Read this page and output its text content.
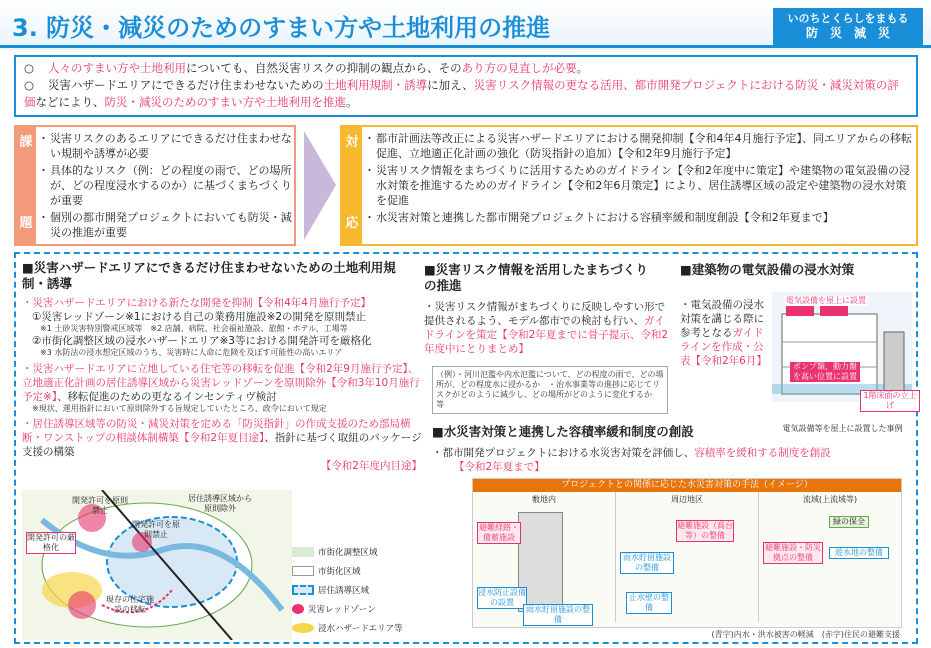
3. 防災・減災のためのすまい方や土地利用の推進	いのちとくらしをまもる
防　災　減　災
○ 人々のすまい方や土地利用についても、自然災害リスクの抑制の観点から、そのあり方の見直しが必要。
○ 災害ハザードエリアにできるだけ住まわせないための土地利用規制・誘導に加え、災害リスク情報の更なる活用、都市開発プロジェクトにおける防災・減災対策の評価などにより、防災・減災のためのすまい方や土地利用を推進。
課
題
・ 災害リスクのあるエリアにできるだけ住まわせない規制や誘導が必要
・ 具体的なリスク（例：どの程度の雨で、どの場所が、どの程度浸水するのか）に基づくまちづくりが重要
・ 個別の都市開発プロジェクトにおいても防災・減災の推進が重要
対
応
・ 都市計画法等改正による災害ハザードエリアにおける開発抑制【令和4年4月施行予定】、同エリアからの移転促進、立地適正化計画の強化（防災指針の追加）【令和2年9月施行予定】
・ 災害リスク情報をまちづくりに活用するためのガイドライン【令和2年度中に策定】や建築物の電気設備の浸水対策を推進するためのガイドライン【令和2年6月策定】により、居住誘導区域の設定や建築物の浸水対策を促進
・ 水災害対策と連携した都市開発プロジェクトにおける容積率緩和制度創設【令和2年夏まで】
■災害ハザードエリアにできるだけ住まわせないための土地利用規制・誘導
・災害ハザードエリアにおける新たな開発を抑制【令和4年4月施行予定】
①災害レッドゾーン※1における自己の業務用施設※2の開発を原則禁止
※1 土砂災害特別警戒区域等　※2 店舗、病院、社会福祉施設、旅館・ホテル、工場等
②市街化調整区域の浸水ハザードエリア※3等における開発許可を厳格化
※3 水防法の浸水想定区域のうち、災害時に人命に危険を及ぼす可能性の高いエリア
・災害ハザードエリアに立地している住宅等の移転を促進【令和2年9月施行予定】、立地適正化計画の居住誘導区域から災害レッドゾーンを原則除外【令和3年10月施行予定※】、移転促進のための更なるインセンティヴ検討
※現状、運用指針において原則除外する旨規定していたところ、政令において規定
・居住誘導区域等の防災・減災対策を定める「防災指針」の作成支援のため部局横断・ワンストップの相談体制構築【令和2年夏目途】、指針に基づく取組のパッケージ支援の構築
【令和2年度内目途】
開発許可を原則禁止
居住誘導区域から原則除外
開発許可の厳格化
現存の住宅施設の移転
開発許可を原則禁止
市街化調整区域
市街化区域
居住誘導区域
災害レッドゾーン
浸水ハザードエリア等
■災害リスク情報を活用したまちづくりの推進
・災害リスク情報がまちづくりに反映しやすい形で提供されるよう、モデル都市での検討も行い、ガイドラインを策定【令和2年夏までに骨子提示、令和2年度中にとりまとめ】
（例）・河川氾濫や内水氾濫について、どの程度の雨で、どの場所が、どの程度水に浸かるか　・治水事業等の進捗に応じてリスクがどのように減少し、どの場所がどのように変化するか　等
■建築物の電気設備の浸水対策
・電気設備の浸水対策を講じる際に参考となるガイドラインを作成・公表【令和2年6月】
電気設備を屋上に設置
ポンプ類、動力盤を高い位置に設置
1階床面の立上げ
電気設備等を屋上に設置した事例
■水災害対策と連携した容積率緩和制度の創設
・都市開発プロジェクトにおける水災害対策を評価し、容積率を緩和する制度を創設
【令和2年夏まで】
プロジェクトとの関係に応じた水災害対策の手法（イメージ）
敷地内
避難経路・備蓄施設
浸水防止設備の設置
雨水貯留施設の整備
周辺地区
避難施設（高台等）の整備
雨水貯留施設の整備
止水壁の整備
流域(上流域等)
緑の保全
避難施設・防災拠点の整備
遊水地の整備
(青字)内水・洪水被害の軽減　(赤字)住民の避難支援
